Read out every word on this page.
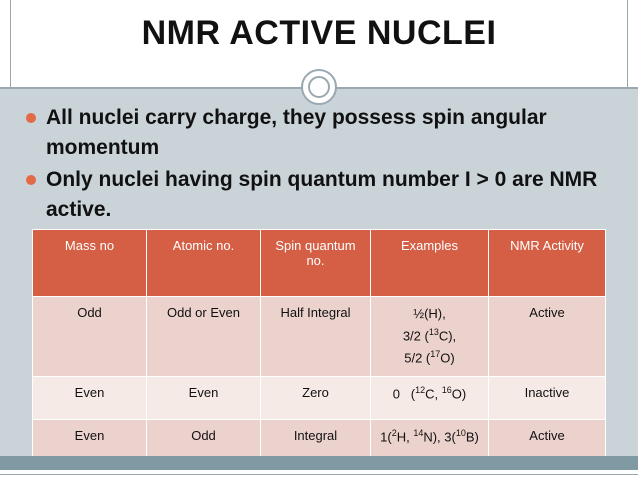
NMR ACTIVE NUCLEI
All nuclei carry charge, they possess spin angular momentum
Only nuclei having spin quantum number I > 0 are NMR active.
Mass no	Atomic no.	Spin quantum no.	Examples	NMR Activity
Odd	Odd or Even	Half Integral	½(H),
3/2 ($^{13}$C),
5/2 ($^{17}$O)	Active
Even	Even	Zero	0   ($^{12}$C, $^{16}$O)	Inactive
Even	Odd	Integral	1($^2$H, $^{14}$N), 3($^{10}$B)	Active
